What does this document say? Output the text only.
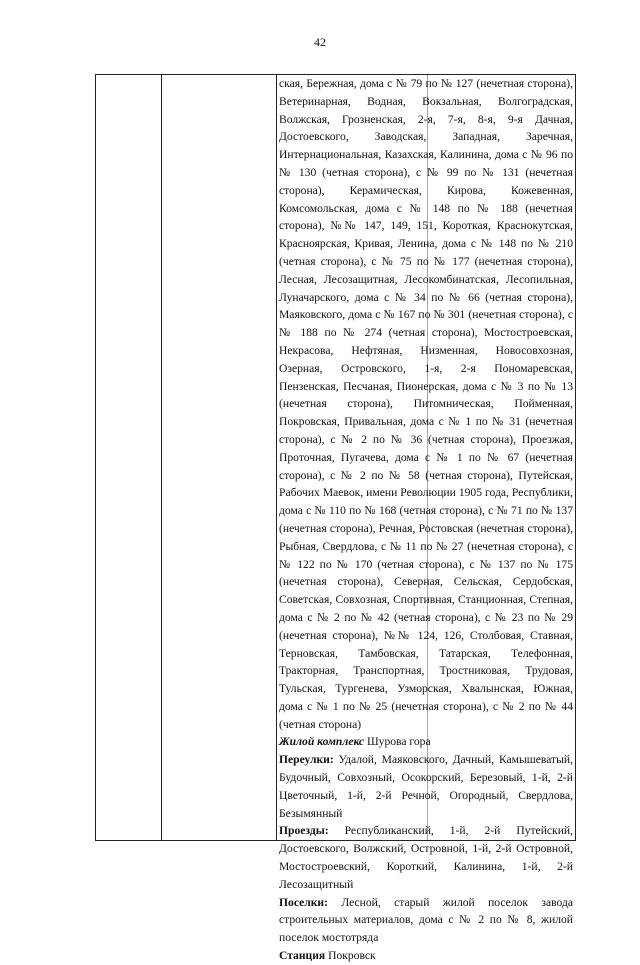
42

ская, Бережная, дома с № 79 по № 127 (нечетная сторона), Ветеринарная, Водная, Вокзальная, Волгоградская, Волжская, Грозненская, 2-я, 7-я, 8-я, 9-я Дачная, Достоевского, Заводская, Западная, Заречная, Интернациональная, Казахская, Калинина, дома с № 96 по № 130 (четная сторона), с № 99 по № 131 (нечетная сторона), Керамическая, Кирова, Кожевенная, Комсомольская, дома с № 148 по № 188 (нечетная сторона), №№ 147, 149, 151, Короткая, Краснокутская, Красноярская, Кривая, Ленина, дома с № 148 по № 210 (четная сторона), с № 75 по № 177 (нечетная сторона), Лесная, Лесозащитная, Лесокомбинатская, Лесопильная, Луначарского, дома с № 34 по № 66 (четная сторона), Маяковского, дома с № 167 по № 301 (нечетная сторона), с № 188 по № 274 (четная сторона), Мостостроевская, Некрасова, Нефтяная, Низменная, Новосовхозная, Озерная, Островского, 1-я, 2-я Пономаревская, Пензенская, Песчаная, Пионерская, дома с № 3 по № 13 (нечетная сторона), Питомническая, Пойменная, Покровская, Привальная, дома с № 1 по № 31 (нечетная сторона), с № 2 по № 36 (четная сторона), Проезжая, Проточная, Пугачева, дома с № 1 по № 67 (нечетная сторона), с № 2 по № 58 (четная сторона), Путейская, Рабочих Маевок, имени Революции 1905 года, Республики, дома с № 110 по № 168 (четная сторона), с № 71 по № 137 (нечетная сторона), Речная, Ростовская (нечетная сторона), Рыбная, Свердлова, с № 11 по № 27 (нечетная сторона), с № 122 по № 170 (четная сторона), с № 137 по № 175 (нечетная сторона), Северная, Сельская, Сердобская, Советская, Совхозная, Спортивная, Станционная, Степная, дома с № 2 по № 42 (четная сторона), с № 23 по № 29 (нечетная сторона), №№ 124, 126, Столбовая, Ставная, Терновская, Тамбовская, Татарская, Телефонная, Тракторная, Транспортная, Тростниковая, Трудовая, Тульская, Тургенева, Узморская, Хвалынская, Южная, дома с № 1 по № 25 (нечетная сторона), с № 2 по № 44 (четная сторона)

Жилой комплекс Шурова гора

Переулки: Удалой, Маяковского, Дачный, Камышеватый, Будочный, Совхозный, Осокорский, Березовый, 1-й, 2-й Цветочный, 1-й, 2-й Речной, Огородный, Свердлова, Безымянный

Проезды: Республиканский, 1-й, 2-й Путейский, Достоевского, Волжский, Островной, 1-й, 2-й Островной, Мостостроевский, Короткий, Калинина, 1-й, 2-й Лесозащитный

Поселки: Лесной, старый жилой поселок завода строительных материалов, дома с № 2 по № 8, жилой поселок мостотряда

Станция Покровск
